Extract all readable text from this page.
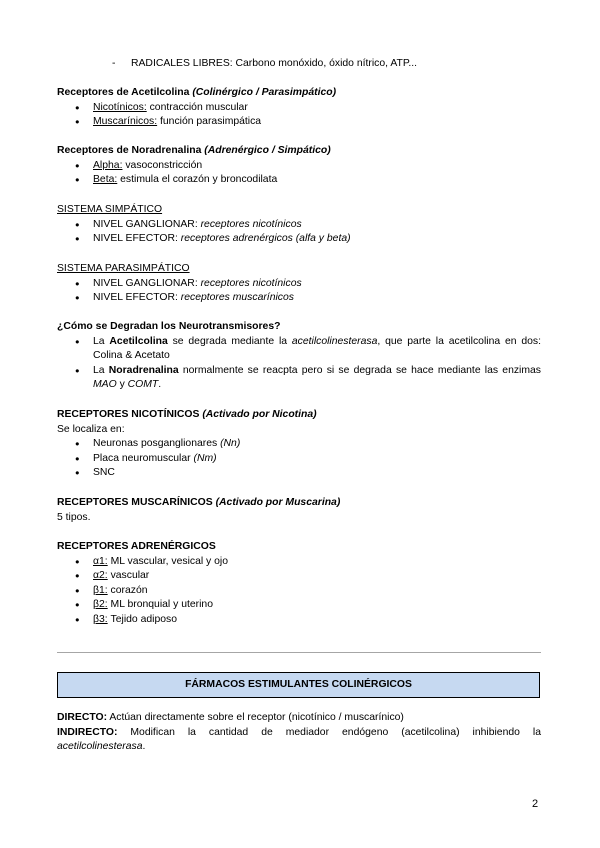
- RADICALES LIBRES: Carbono monóxido, óxido nítrico, ATP...
Receptores de Acetilcolina (Colinérgico / Parasimpático)
● Nicotínicos: contracción muscular
● Muscarínicos: función parasimpática
Receptores de Noradrenalina (Adrenérgico / Simpático)
● Alpha: vasoconstricción
● Beta: estimula el corazón y broncodilata
SISTEMA SIMPÁTICO
● NIVEL GANGLIONAR: receptores nicotínicos
● NIVEL EFECTOR: receptores adrenérgicos (alfa y beta)
SISTEMA PARASIMPÁTICO
● NIVEL GANGLIONAR: receptores nicotínicos
● NIVEL EFECTOR: receptores muscarínicos
¿Cómo se Degradan los Neurotransmisores?
● La Acetilcolina se degrada mediante la acetilcolinesterasa, que parte la acetilcolina en dos: Colina & Acetato
● La Noradrenalina normalmente se reacpta pero si se degrada se hace mediante las enzimas MAO y COMT.
RECEPTORES NICOTÍNICOS (Activado por Nicotina)
Se localiza en:
● Neuronas posganglionares (Nn)
● Placa neuromuscular (Nm)
● SNC
RECEPTORES MUSCARÍNICOS (Activado por Muscarina)
5 tipos.
RECEPTORES ADRENÉRGICOS
● α1: ML vascular, vesical y ojo
● α2: vascular
● β1: corazón
● β2: ML bronquial y uterino
● β3: Tejido adiposo
FÁRMACOS ESTIMULANTES COLINÉRGICOS
DIRECTO: Actúan directamente sobre el receptor (nicotínico / muscarínico)
INDIRECTO: Modifican la cantidad de mediador endógeno (acetilcolina) inhibiendo la acetilcolinesterasa.
2
